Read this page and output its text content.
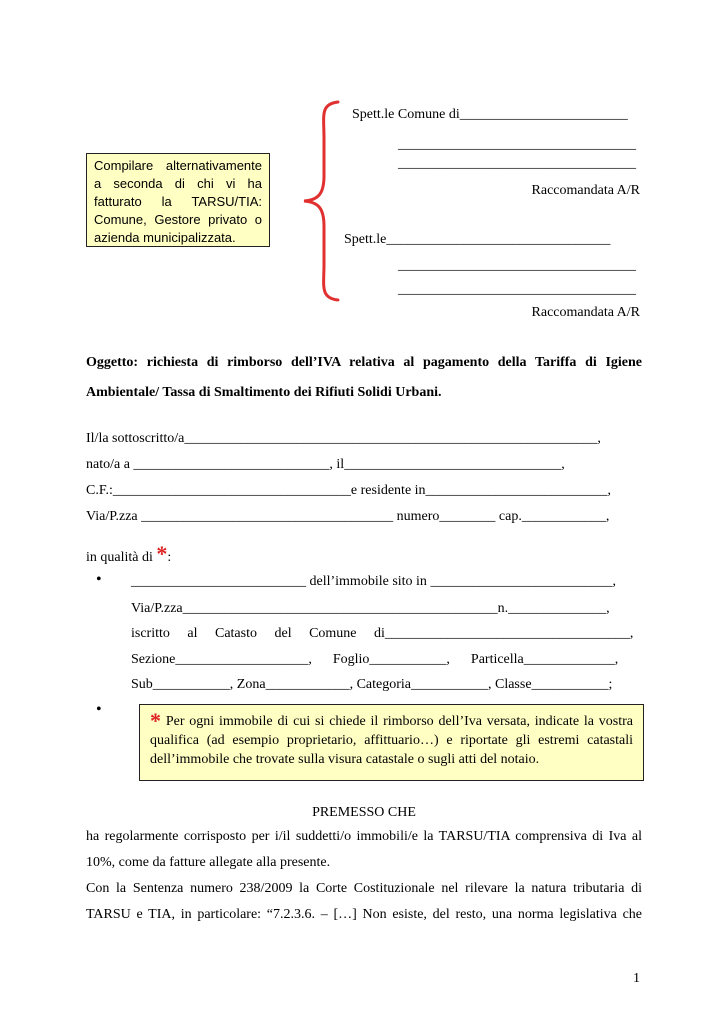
Spett.le Comune di________________________
__________________________________
__________________________________
Raccomandata A/R
Spett.le________________________________
__________________________________
__________________________________
Raccomandata A/R
Compilare alternativamente a seconda di chi vi ha fatturato la TARSU/TIA: Comune, Gestore privato o azienda municipalizzata.
Oggetto: richiesta di rimborso dell’IVA relativa al pagamento della Tariffa di Igiene
Ambientale/ Tassa di Smaltimento dei Rifiuti Solidi Urbani.
Il/la sottoscritto/a___________________________________________________________,
nato/a a ____________________________, il_______________________________,
C.F.:__________________________________e residente in__________________________,
Via/P.zza ____________________________________ numero________ cap.____________,
in qualità di *:
• _________________________ dell’immobile sito in __________________________,
Via/P.zza_____________________________________________n.______________,
iscritto al Catasto del Comune di___________________________________,
Sezione___________________,      Foglio___________,      Particella_____________,
Sub___________, Zona____________, Categoria___________, Classe___________;
•	* Per ogni immobile di cui si chiede il rimborso dell’Iva versata, indicate la vostra qualifica (ad esempio proprietario, affittuario…) e riportate gli estremi catastali dell’immobile che trovate sulla visura catastale o sugli atti del notaio.
PREMESSO CHE
ha regolarmente corrisposto per i/il suddetti/o immobili/e la TARSU/TIA comprensiva di Iva al
10%, come da fatture allegate alla presente.
Con la Sentenza numero 238/2009 la Corte Costituzionale nel rilevare la natura tributaria di
TARSU e TIA, in particolare: “7.2.3.6. – […] Non esiste, del resto, una norma legislativa che
1
